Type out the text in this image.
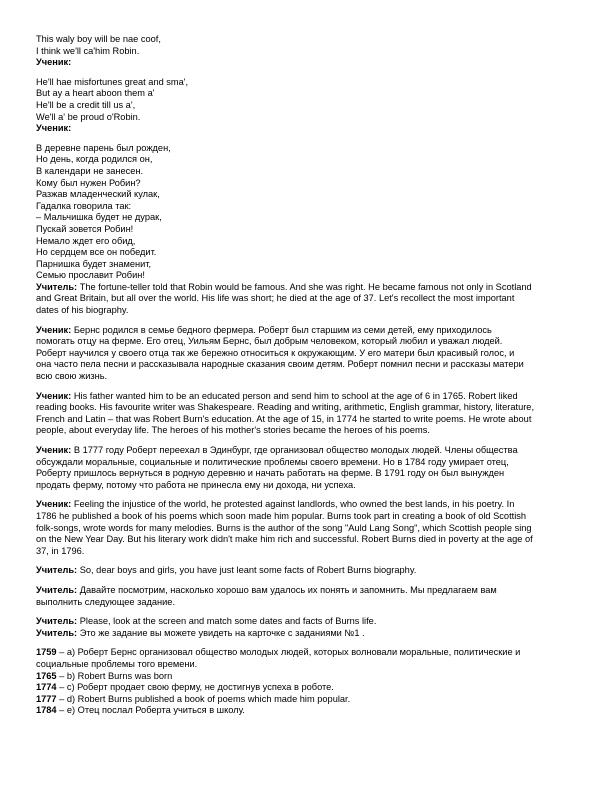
This waly boy will be nae coof,
I think we'll ca'him Robin.
Ученик:
He'll hae misfortunes great and sma',
But ay a heart aboon them a'
He'll be a credit till us a',
We'll a' be proud o'Robin.
Ученик:
В деревне парень был рожден,
Но день, когда родился он,
В календари не занесен.
Кому был нужен Робин?
Разжав младенческий кулак,
Гадалка говорила так:
– Мальчишка будет не дурак,
Пускай зовется Робин!
Немало ждет его обид,
Но сердцем все он победит.
Парнишка будет знаменит,
Семью прославит Робин!
Учитель: The fortune-teller told that Robin would be famous. And she was right. He became famous not only in Scotland
and Great Britain, but all over the world. His life was short; he died at the age of 37. Let's recollect the most important
dates of his biography.
Ученик: Бернс родился в семье бедного фермера. Роберт был старшим из семи детей, ему приходилось
помогать отцу на ферме. Его отец, Уильям Бернс, был добрым человеком, который любил и уважал людей.
Роберт научился у своего отца так же бережно относиться к окружающим. У его матери был красивый голос, и
она часто пела песни и рассказывала народные сказания своим детям. Роберт помнил песни и рассказы матери
всю свою жизнь.
Ученик: His father wanted him to be an educated person and send him to school at the age of 6 in 1765. Robert liked
reading books. His favourite writer was Shakespeare. Reading and writing, arithmetic, English grammar, history, literature,
French and Latin – that was Robert Burn's education. At the age of 15, in 1774 he started to write poems. He wrote about
people, about everyday life. The heroes of his mother's stories became the heroes of his poems.
Ученик: В 1777 году Роберт переехал в Эдинбург, где организовал общество молодых людей. Члены общества
обсуждали моральные, социальные и политические проблемы своего времени. Но в 1784 году умирает отец,
Роберту пришлось вернуться в родную деревню и начать работать на ферме. В 1791 году он был вынужден
продать ферму, потому что работа не принесла ему ни дохода, ни успеха.
Ученик: Feeling the injustice of the world, he protested against landlords, who owned the best lands, in his poetry. In
1786 he published a book of his poems which soon made him popular. Burns took part in creating a book of old Scottish
folk-songs, wrote words for many melodies. Burns is the author of the song "Auld Lang Song", which Scottish people sing
on the New Year Day. But his literary work didn't make him rich and successful. Robert Burns died in poverty at the age of
37, in 1796.
Учитель: So, dear boys and girls, you have just leant some facts of Robert Burns biography.
Учитель: Давайте посмотрим, насколько хорошо вам удалось их понять и запомнить. Мы предлагаем вам
выполнить следующее задание.
Учитель: Please, look at the screen and match some dates and facts of Burns life.
Учитель: Это же задание вы можете увидеть на карточке с заданиями №1 .
1759 – a) Роберт Бернс организовал общество молодых людей, которых волновали моральные, политические и
социальные проблемы того времени.
1765 – b) Robert Burns was born
1774 – c) Роберт продает свою ферму, не достигнув успеха в роботе.
1777 – d) Robert Burns published a book of poems which made him popular.
1784 – e) Отец послал Роберта учиться в школу.
